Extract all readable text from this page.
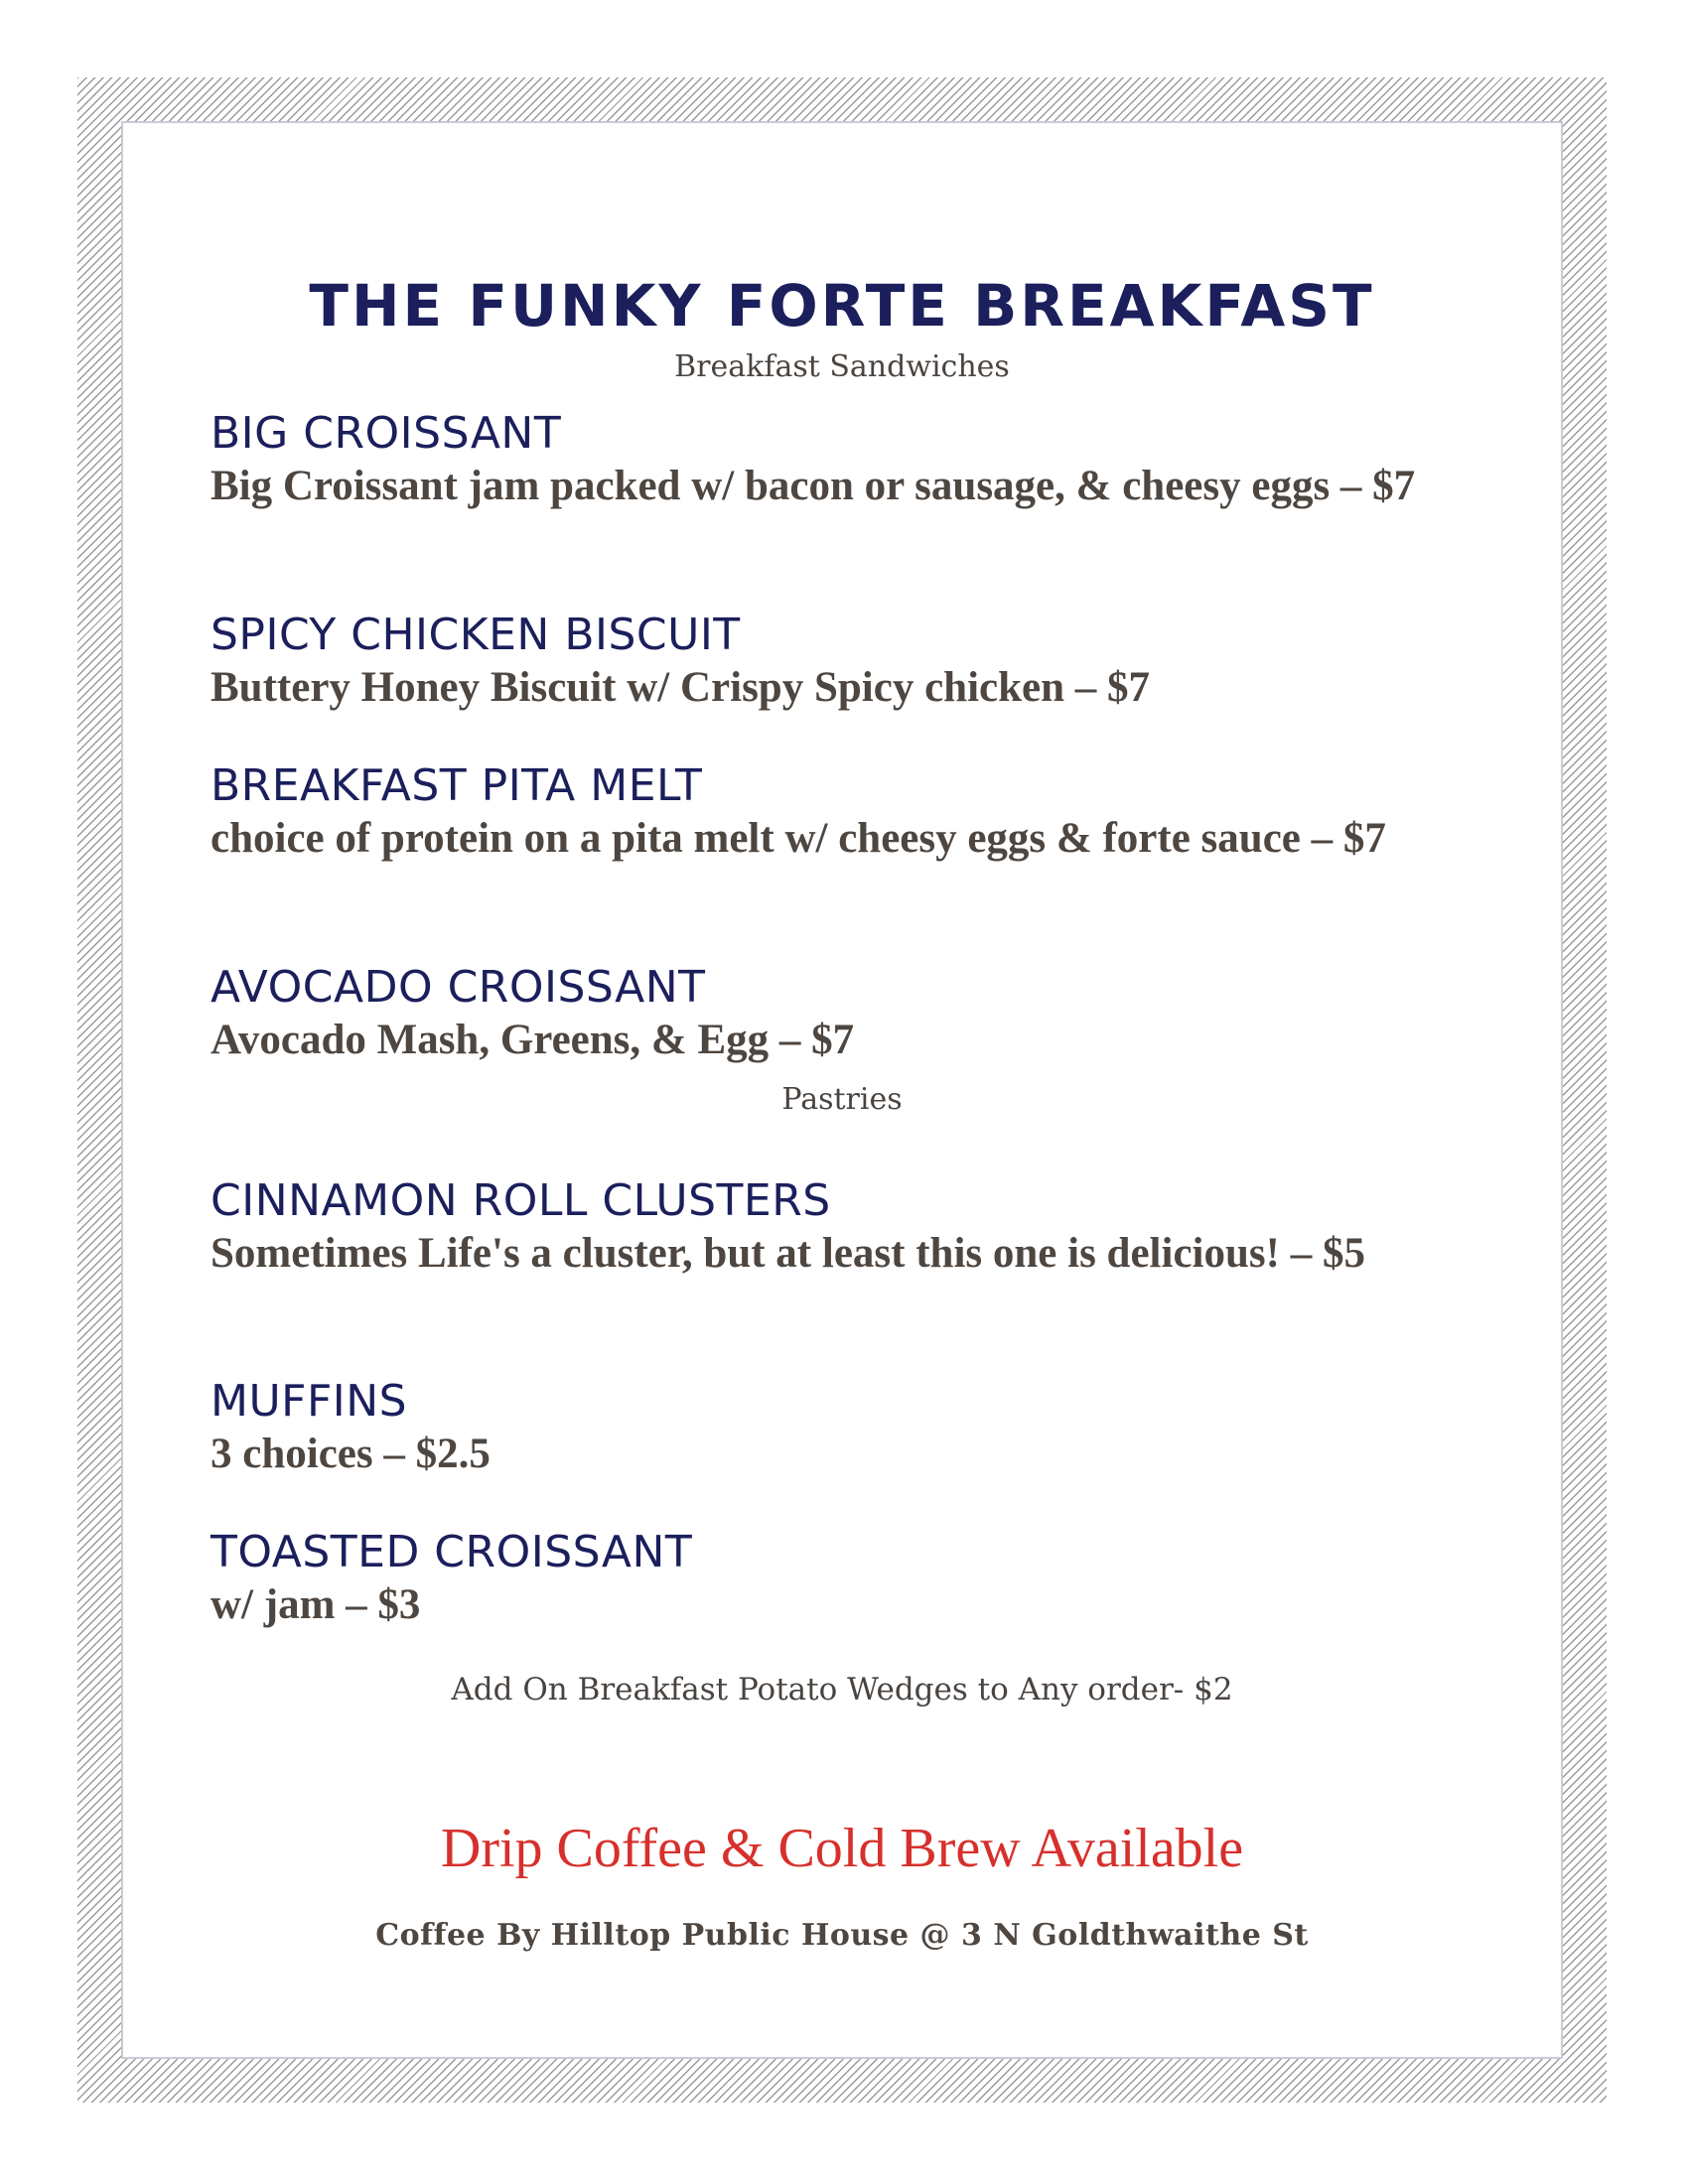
THE FUNKY FORTE BREAKFAST
Breakfast Sandwiches
BIG CROISSANT
Big Croissant jam packed w/ bacon or sausage, & cheesy eggs – $7
SPICY CHICKEN BISCUIT
Buttery Honey Biscuit w/ Crispy Spicy chicken – $7
BREAKFAST PITA MELT
choice of protein on a pita melt w/ cheesy eggs & forte sauce – $7
AVOCADO CROISSANT
Avocado Mash, Greens, & Egg – $7
Pastries
CINNAMON ROLL CLUSTERS
Sometimes Life's a cluster, but at least this one is delicious! – $5
MUFFINS
3 choices – $2.5
TOASTED CROISSANT
w/ jam – $3
Add On Breakfast Potato Wedges to Any order- $2
Drip Coffee & Cold Brew Available
Coffee By Hilltop Public House @ 3 N Goldthwaithe St
